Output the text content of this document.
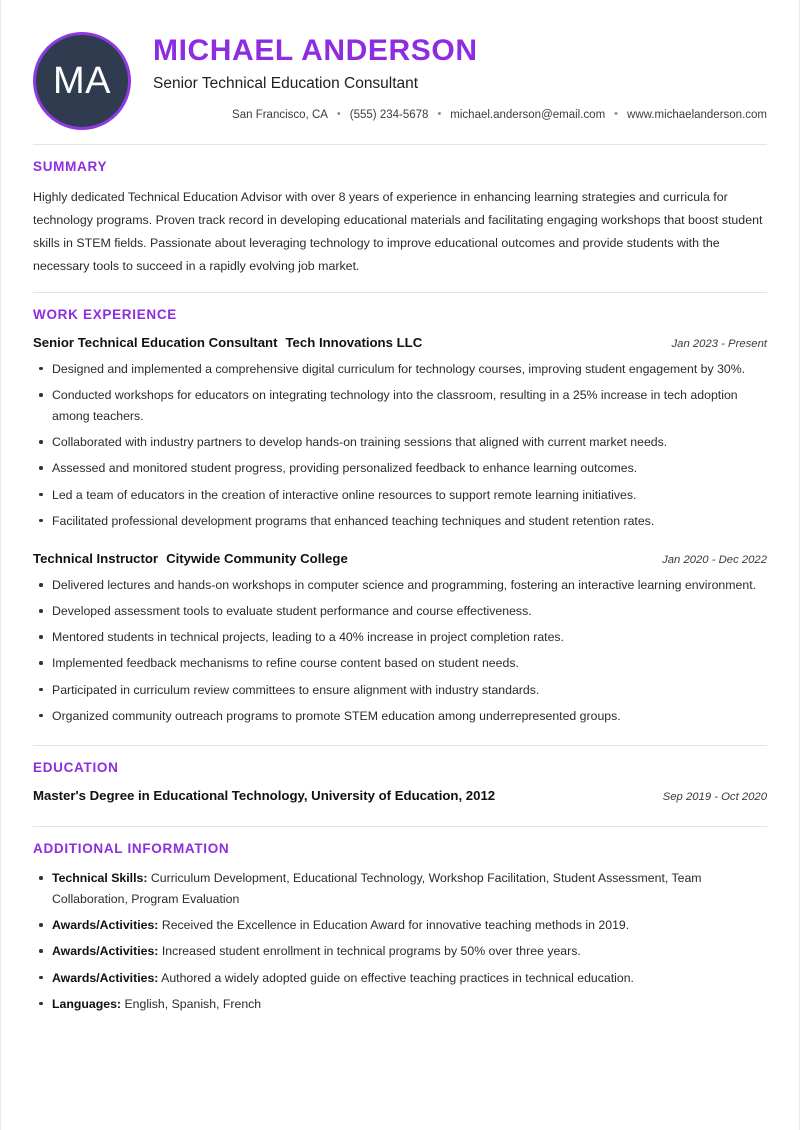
MA
MICHAEL ANDERSON
Senior Technical Education Consultant
San Francisco, CA • (555) 234-5678 • michael.anderson@email.com • www.michaelanderson.com
SUMMARY

Highly dedicated Technical Education Advisor with over 8 years of experience in enhancing learning strategies and curricula for technology programs. Proven track record in developing educational materials and facilitating engaging workshops that boost student skills in STEM fields. Passionate about leveraging technology to improve educational outcomes and provide students with the necessary tools to succeed in a rapidly evolving job market.

WORK EXPERIENCE
Senior Technical Education Consultant Tech Innovations LLC	Jan 2023 - Present
Designed and implemented a comprehensive digital curriculum for technology courses, improving student engagement by 30%.
Conducted workshops for educators on integrating technology into the classroom, resulting in a 25% increase in tech adoption among teachers.
Collaborated with industry partners to develop hands-on training sessions that aligned with current market needs.
Assessed and monitored student progress, providing personalized feedback to enhance learning outcomes.
Led a team of educators in the creation of interactive online resources to support remote learning initiatives.
Facilitated professional development programs that enhanced teaching techniques and student retention rates.
Technical Instructor Citywide Community College	Jan 2020 - Dec 2022
Delivered lectures and hands-on workshops in computer science and programming, fostering an interactive learning environment.
Developed assessment tools to evaluate student performance and course effectiveness.
Mentored students in technical projects, leading to a 40% increase in project completion rates.
Implemented feedback mechanisms to refine course content based on student needs.
Participated in curriculum review committees to ensure alignment with industry standards.
Organized community outreach programs to promote STEM education among underrepresented groups.
EDUCATION
Master's Degree in Educational Technology, University of Education, 2012	Sep 2019 - Oct 2020
ADDITIONAL INFORMATION
Technical Skills: Curriculum Development, Educational Technology, Workshop Facilitation, Student Assessment, Team Collaboration, Program Evaluation
Awards/Activities: Received the Excellence in Education Award for innovative teaching methods in 2019.
Awards/Activities: Increased student enrollment in technical programs by 50% over three years.
Awards/Activities: Authored a widely adopted guide on effective teaching practices in technical education.
Languages: English, Spanish, French
